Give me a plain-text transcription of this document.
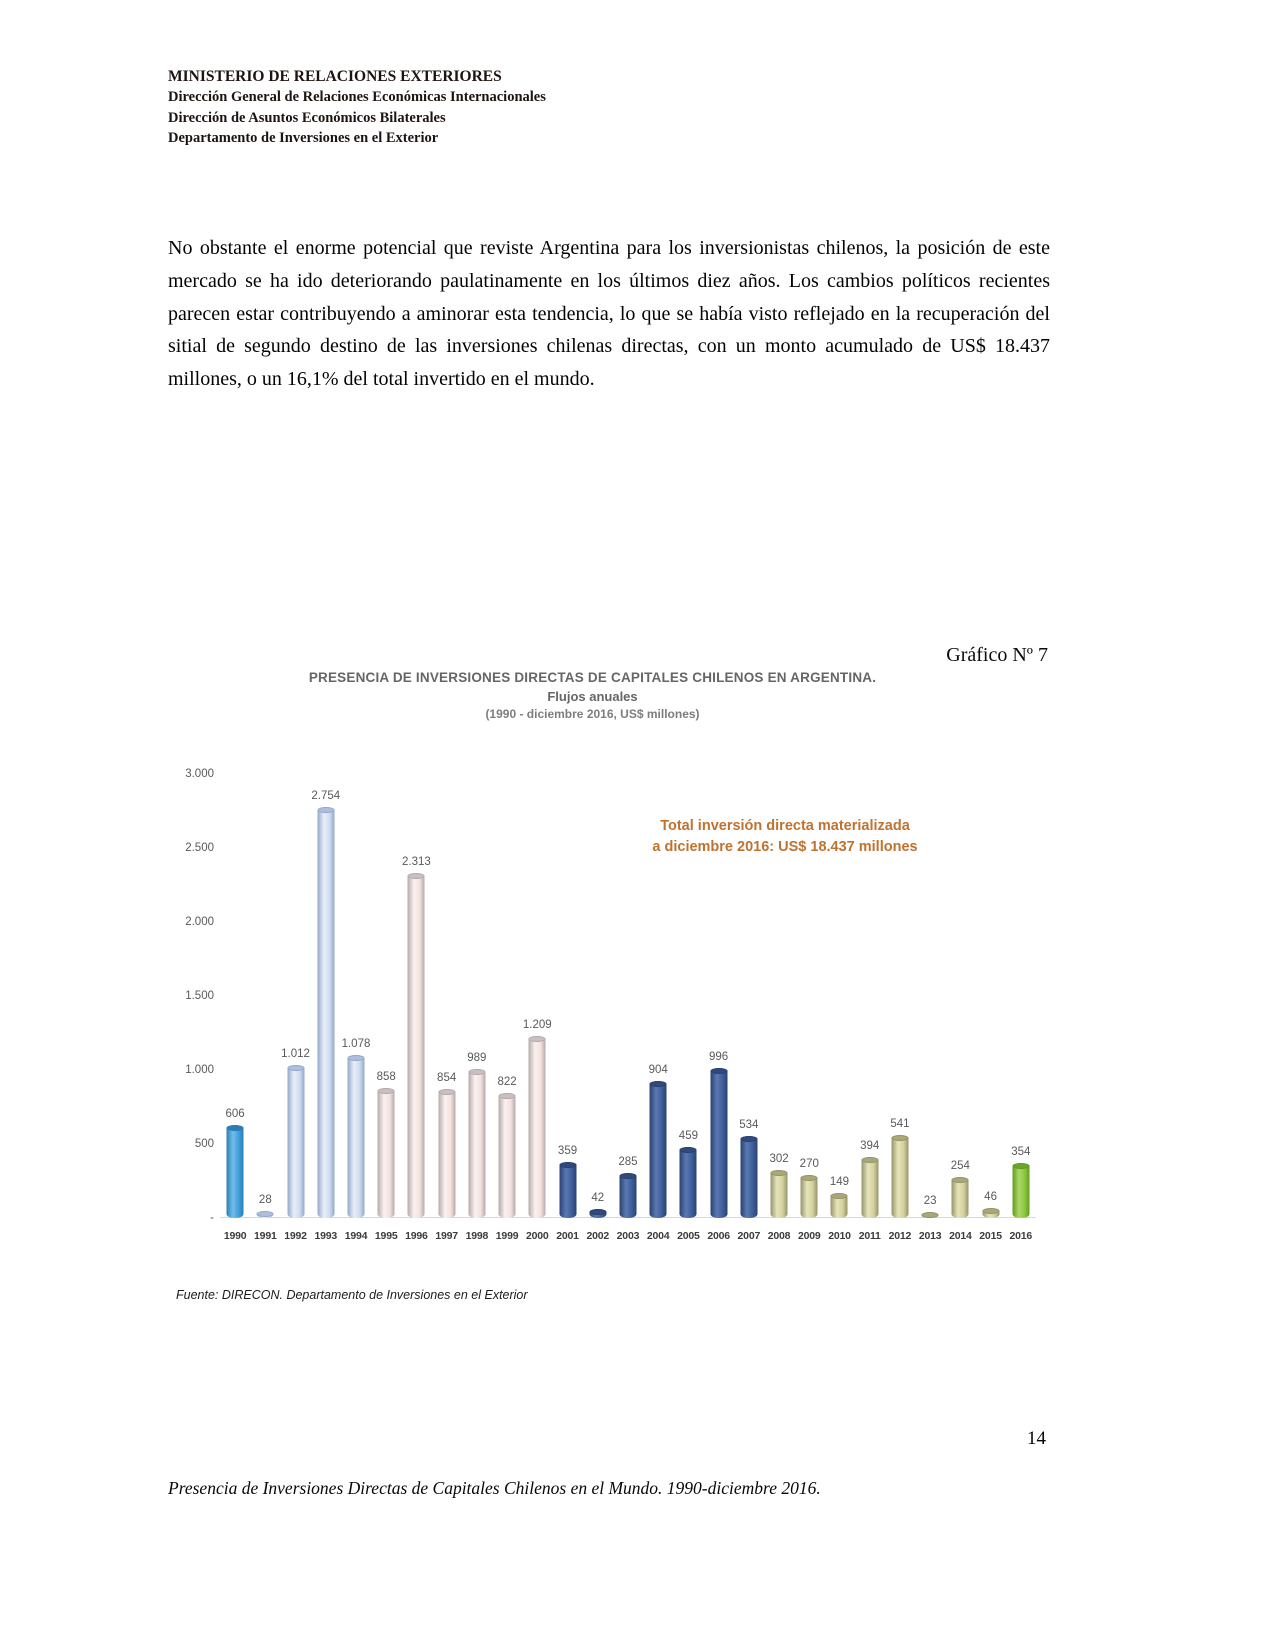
MINISTERIO DE RELACIONES EXTERIORES
Dirección General de Relaciones Económicas Internacionales
Dirección de Asuntos Económicos Bilaterales
Departamento de Inversiones en el Exterior

No obstante el enorme potencial que reviste Argentina para los inversionistas chilenos, la posición de este mercado se ha ido deteriorando paulatinamente en los últimos diez años. Los cambios políticos recientes parecen estar contribuyendo a aminorar esta tendencia, lo que se había visto reflejado en la recuperación del sitial de segundo destino de las inversiones chilenas directas, con un monto acumulado de US$ 18.437 millones, o un 16,1% del total invertido en el mundo.

Gráfico Nº 7
PRESENCIA DE INVERSIONES DIRECTAS DE CAPITALES CHILENOS EN ARGENTINA.
Flujos anuales
(1990 - diciembre 2016, US$ millones)
Total inversión directa materializada
a diciembre 2016: US$ 18.437 millones
3.000
2.500
2.000
1.500
1.000
500
-
606
28
1.012
2.754
1.078
858
2.313
854
989
822
1.209
359
42
285
904
459
996
534
302 270
149
394
541
23
254
46
354
1990 1991 1992 1993 1994 1995 1996 1997 1998 1999 2000 2001 2002 2003 2004 2005 2006 2007 2008 2009 2010 2011 2012 2013 2014 2015 2016
Fuente: DIRECON. Departamento de Inversiones en el Exterior
14
Presencia de Inversiones Directas de Capitales Chilenos en el Mundo. 1990-diciembre 2016.
